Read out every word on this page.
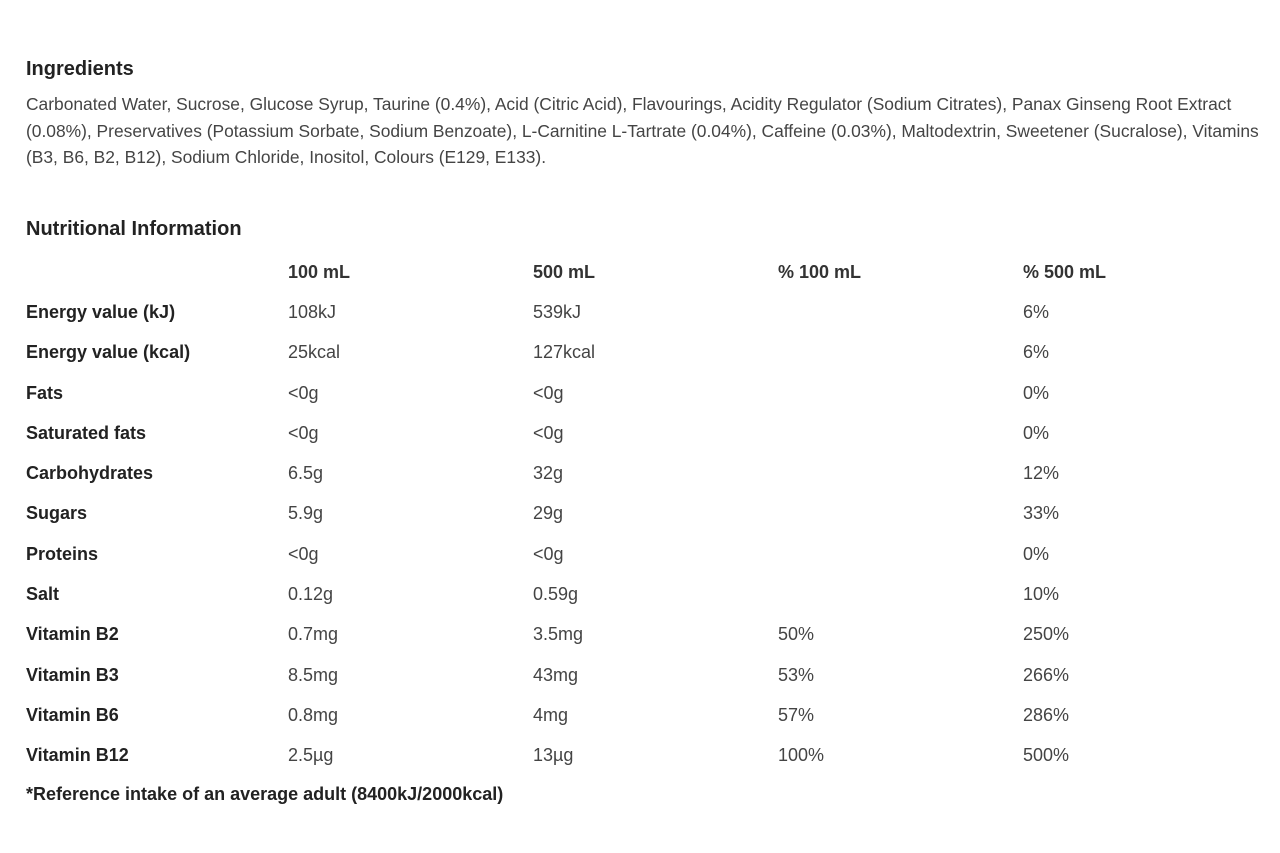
Ingredients

Carbonated Water, Sucrose, Glucose Syrup, Taurine (0.4%), Acid (Citric Acid), Flavourings, Acidity Regulator (Sodium Citrates), Panax Ginseng Root Extract (0.08%), Preservatives (Potassium Sorbate, Sodium Benzoate), L-Carnitine L-Tartrate (0.04%), Caffeine (0.03%), Maltodextrin, Sweetener (Sucralose), Vitamins (B3, B6, B2, B12), Sodium Chloride, Inositol, Colours (E129, E133).

Nutritional Information
	100 mL	500 mL	% 100 mL	% 500 mL
Energy value (kJ)	108kJ	539kJ		6%
Energy value (kcal)	25kcal	127kcal		6%
Fats	<0g	<0g		0%
Saturated fats	<0g	<0g		0%
Carbohydrates	6.5g	32g		12%
Sugars	5.9g	29g		33%
Proteins	<0g	<0g		0%
Salt	0.12g	0.59g		10%
Vitamin B2	0.7mg	3.5mg	50%	250%
Vitamin B3	8.5mg	43mg	53%	266%
Vitamin B6	0.8mg	4mg	57%	286%
Vitamin B12	2.5µg	13µg	100%	500%

*Reference intake of an average adult (8400kJ/2000kcal)
